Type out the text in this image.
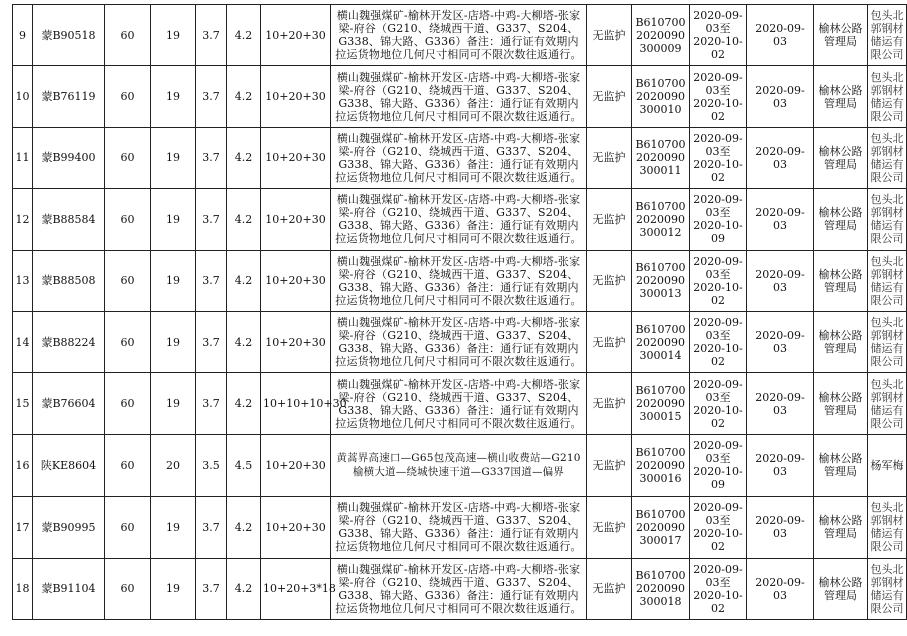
9	蒙B90518	60	19	3.7	4.2	10+20+30	横山魏强煤矿-榆林开发区-店塔-中鸡-大柳塔-张家梁-府谷（G210、绕城西干道、G337、S204、G338、锦大路、G336）备注：通行证有效期内拉运货物地位几何尺寸相同可不限次数往返通行。	无监护	B6107002020090300009	2020-09-03至2020-10-02	2020-09-03	榆林公路管理局	包头北郭钢材储运有限公司
10	蒙B76119	60	19	3.7	4.2	10+20+30	横山魏强煤矿-榆林开发区-店塔-中鸡-大柳塔-张家梁-府谷（G210、绕城西干道、G337、S204、G338、锦大路、G336）备注：通行证有效期内拉运货物地位几何尺寸相同可不限次数往返通行。	无监护	B6107002020090300010	2020-09-03至2020-10-02	2020-09-03	榆林公路管理局	包头北郭钢材储运有限公司
11	蒙B99400	60	19	3.7	4.2	10+20+30	横山魏强煤矿-榆林开发区-店塔-中鸡-大柳塔-张家梁-府谷（G210、绕城西干道、G337、S204、G338、锦大路、G336）备注：通行证有效期内拉运货物地位几何尺寸相同可不限次数往返通行。	无监护	B6107002020090300011	2020-09-03至2020-10-02	2020-09-03	榆林公路管理局	包头北郭钢材储运有限公司
12	蒙B88584	60	19	3.7	4.2	10+20+30	横山魏强煤矿-榆林开发区-店塔-中鸡-大柳塔-张家梁-府谷（G210、绕城西干道、G337、S204、G338、锦大路、G336）备注：通行证有效期内拉运货物地位几何尺寸相同可不限次数往返通行。	无监护	B6107002020090300012	2020-09-03至2020-10-09	2020-09-03	榆林公路管理局	包头北郭钢材储运有限公司
13	蒙B88508	60	19	3.7	4.2	10+20+30	横山魏强煤矿-榆林开发区-店塔-中鸡-大柳塔-张家梁-府谷（G210、绕城西干道、G337、S204、G338、锦大路、G336）备注：通行证有效期内拉运货物地位几何尺寸相同可不限次数往返通行。	无监护	B6107002020090300013	2020-09-03至2020-10-02	2020-09-03	榆林公路管理局	包头北郭钢材储运有限公司
14	蒙B88224	60	19	3.7	4.2	10+20+30	横山魏强煤矿-榆林开发区-店塔-中鸡-大柳塔-张家梁-府谷（G210、绕城西干道、G337、S204、G338、锦大路、G336）备注：通行证有效期内拉运货物地位几何尺寸相同可不限次数往返通行。	无监护	B6107002020090300014	2020-09-03至2020-10-02	2020-09-03	榆林公路管理局	包头北郭钢材储运有限公司
15	蒙B76604	60	19	3.7	4.2	10+10+10+30	横山魏强煤矿-榆林开发区-店塔-中鸡-大柳塔-张家梁-府谷（G210、绕城西干道、G337、S204、G338、锦大路、G336）备注：通行证有效期内拉运货物地位几何尺寸相同可不限次数往返通行。	无监护	B6107002020090300015	2020-09-03至2020-10-02	2020-09-03	榆林公路管理局	包头北郭钢材储运有限公司
16	陕KE8604	60	20	3.5	4.5	10+20+30	黄蒿界高速口—G65包茂高速—横山收费站—G210榆横大道—绕城快速干道—G337国道—偏界	无监护	B6107002020090300016	2020-09-03至2020-10-09	2020-09-03	榆林公路管理局	杨军梅
17	蒙B90995	60	19	3.7	4.2	10+20+30	横山魏强煤矿-榆林开发区-店塔-中鸡-大柳塔-张家梁-府谷（G210、绕城西干道、G337、S204、G338、锦大路、G336）备注：通行证有效期内拉运货物地位几何尺寸相同可不限次数往返通行。	无监护	B6107002020090300017	2020-09-03至2020-10-02	2020-09-03	榆林公路管理局	包头北郭钢材储运有限公司
18	蒙B91104	60	19	3.7	4.2	10+20+3*18	横山魏强煤矿-榆林开发区-店塔-中鸡-大柳塔-张家梁-府谷（G210、绕城西干道、G337、S204、G338、锦大路、G336）备注：通行证有效期内拉运货物地位几何尺寸相同可不限次数往返通行。	无监护	B6107002020090300018	2020-09-03至2020-10-02	2020-09-03	榆林公路管理局	包头北郭钢材储运有限公司
